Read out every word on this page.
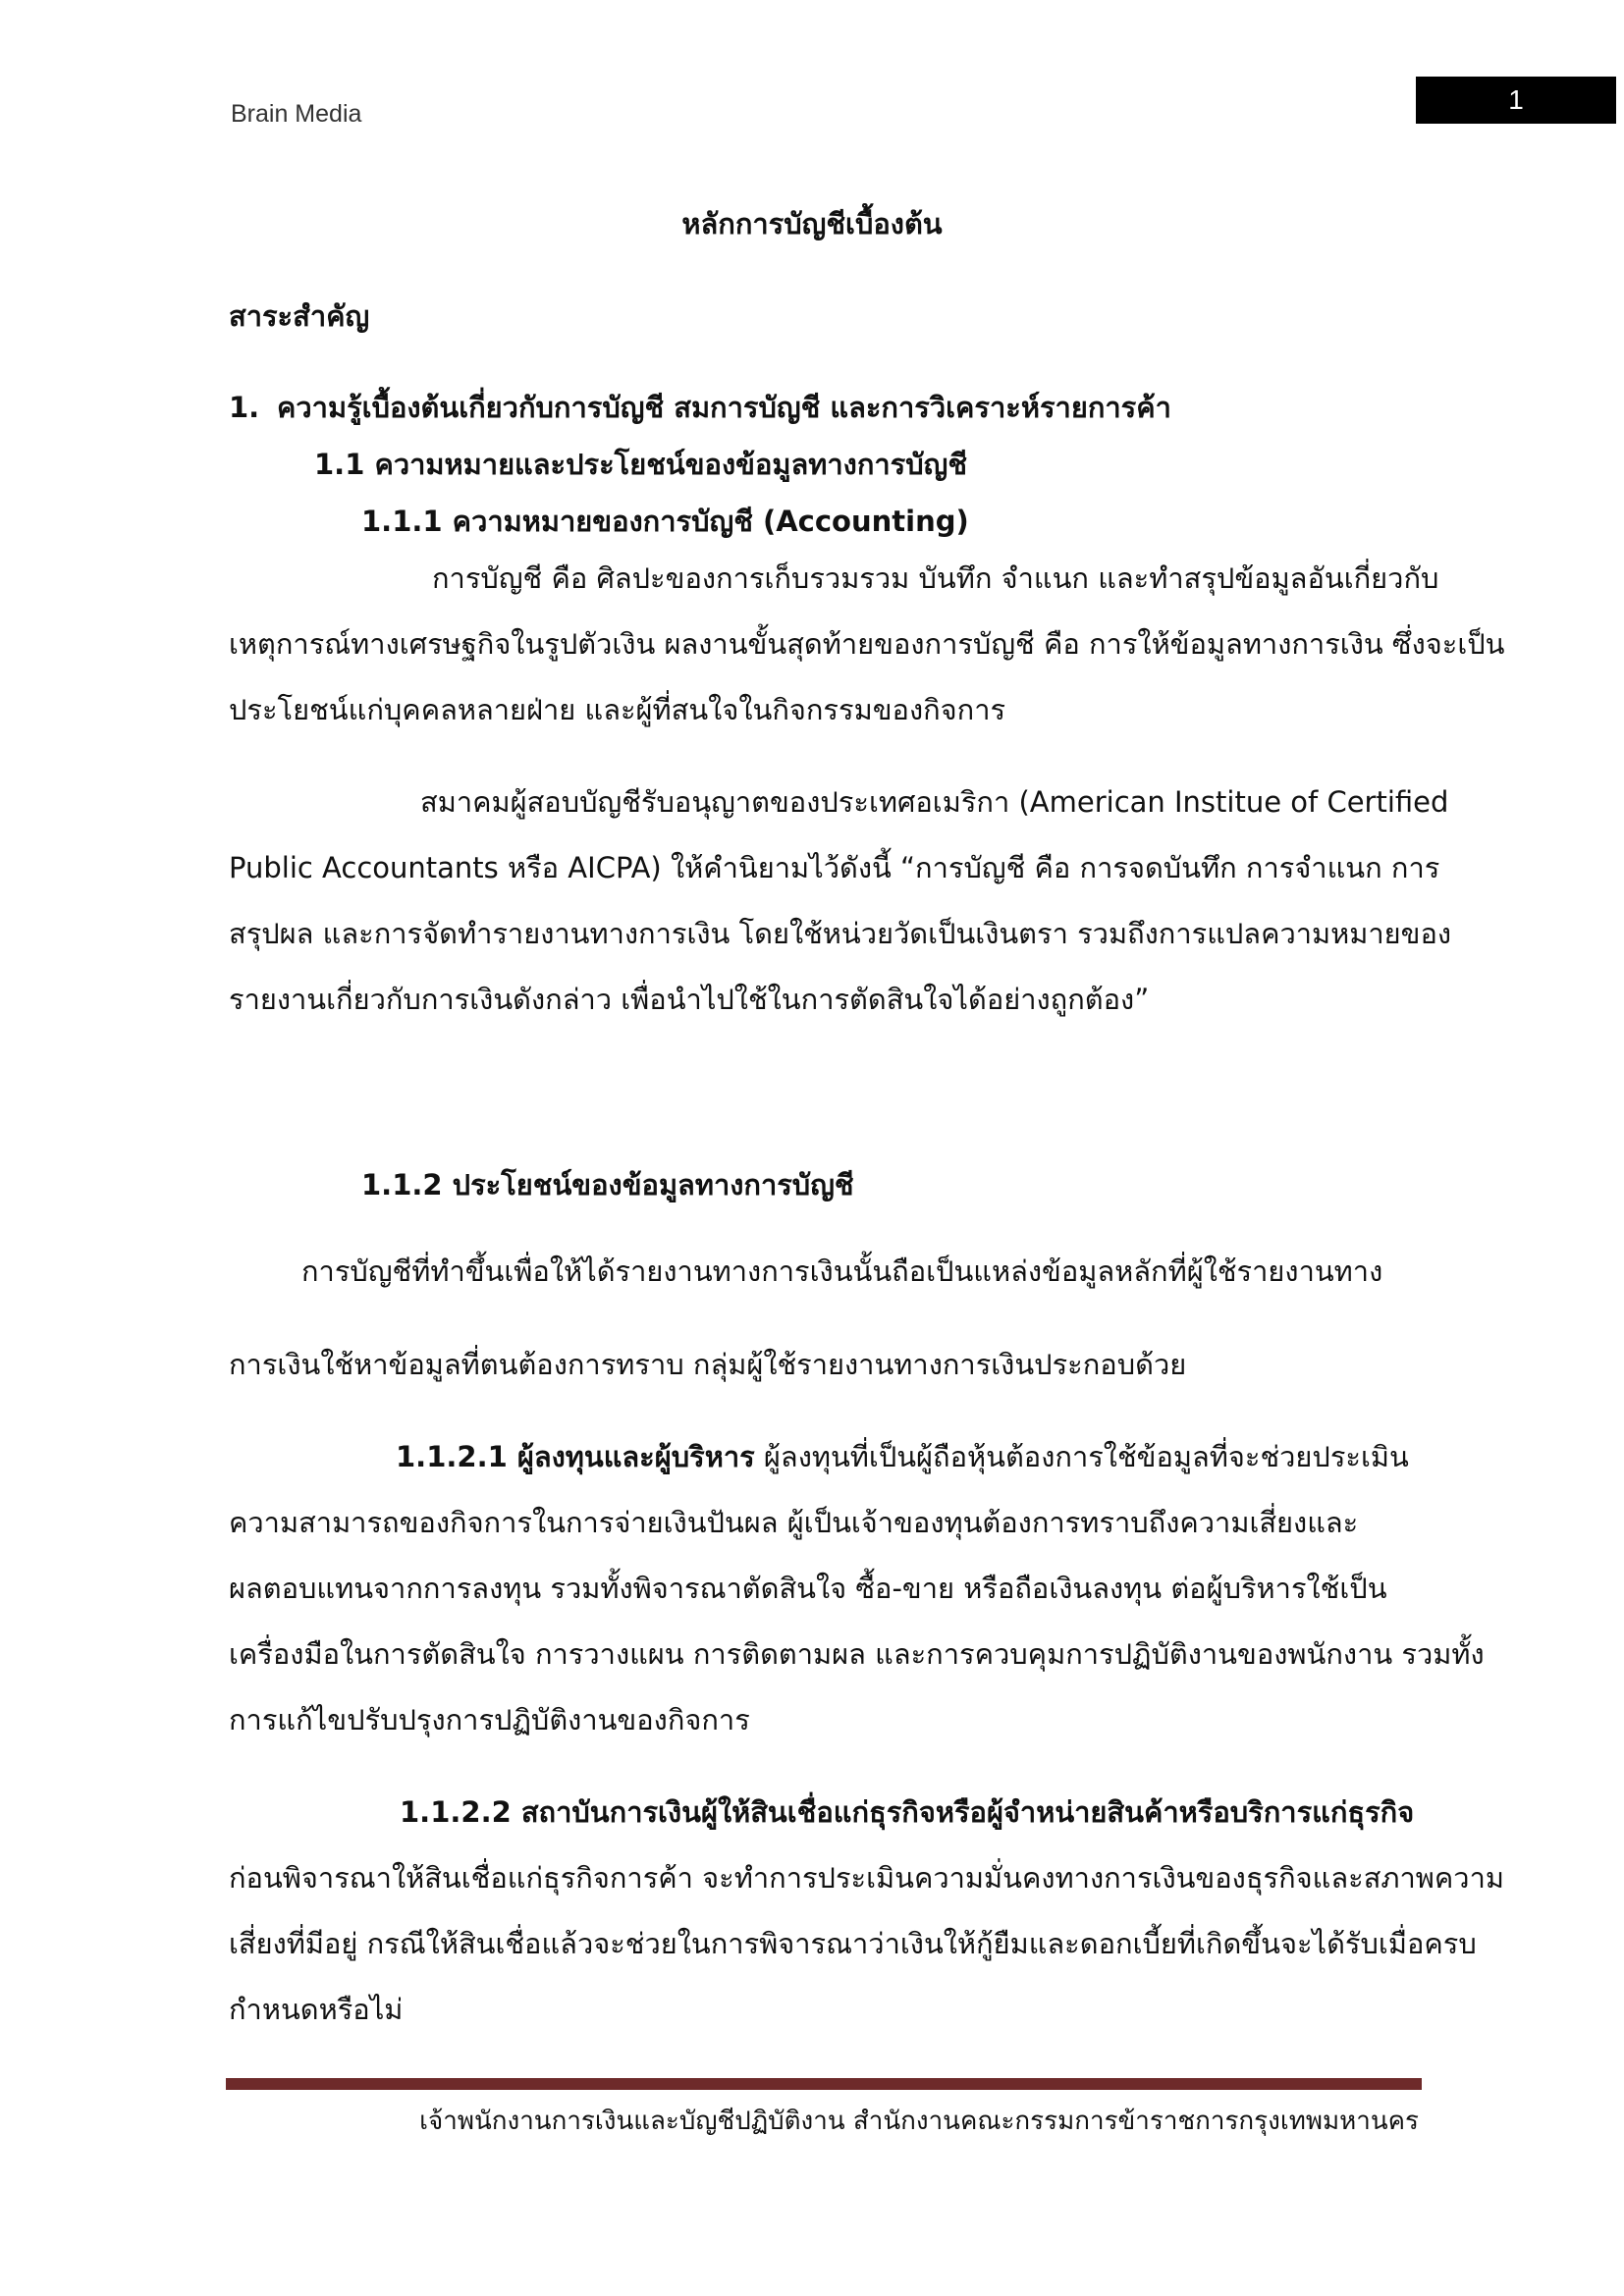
Brain Media	1
หลักการบัญชีเบื้องต้น
สาระสำคัญ
1. ความรู้เบื้องต้นเกี่ยวกับการบัญชี สมการบัญชี และการวิเคราะห์รายการค้า
1.1 ความหมายและประโยชน์ของข้อมูลทางการบัญชี
1.1.1 ความหมายของการบัญชี (Accounting)
การบัญชี คือ ศิลปะของการเก็บรวมรวม บันทึก จำแนก และทำสรุปข้อมูลอันเกี่ยวกับ
เหตุการณ์ทางเศรษฐกิจในรูปตัวเงิน ผลงานขั้นสุดท้ายของการบัญชี คือ การให้ข้อมูลทางการเงิน ซึ่งจะเป็น
ประโยชน์แก่บุคคลหลายฝ่าย และผู้ที่สนใจในกิจกรรมของกิจการ
สมาคมผู้สอบบัญชีรับอนุญาตของประเทศอเมริกา (American Institue of Certified
Public Accountants หรือ AICPA) ให้คำนิยามไว้ดังนี้ “การบัญชี คือ การจดบันทึก การจำแนก การ
สรุปผล และการจัดทำรายงานทางการเงิน โดยใช้หน่วยวัดเป็นเงินตรา รวมถึงการแปลความหมายของ
รายงานเกี่ยวกับการเงินดังกล่าว เพื่อนำไปใช้ในการตัดสินใจได้อย่างถูกต้อง”
1.1.2 ประโยชน์ของข้อมูลทางการบัญชี
การบัญชีที่ทำขึ้นเพื่อให้ได้รายงานทางการเงินนั้นถือเป็นแหล่งข้อมูลหลักที่ผู้ใช้รายงานทาง
การเงินใช้หาข้อมูลที่ตนต้องการทราบ กลุ่มผู้ใช้รายงานทางการเงินประกอบด้วย
1.1.2.1 ผู้ลงทุนและผู้บริหาร ผู้ลงทุนที่เป็นผู้ถือหุ้นต้องการใช้ข้อมูลที่จะช่วยประเมิน
ความสามารถของกิจการในการจ่ายเงินปันผล ผู้เป็นเจ้าของทุนต้องการทราบถึงความเสี่ยงและ
ผลตอบแทนจากการลงทุน รวมทั้งพิจารณาตัดสินใจ ซื้อ-ขาย หรือถือเงินลงทุน ต่อผู้บริหารใช้เป็น
เครื่องมือในการตัดสินใจ การวางแผน การติดตามผล และการควบคุมการปฏิบัติงานของพนักงาน รวมทั้ง
การแก้ไขปรับปรุงการปฏิบัติงานของกิจการ
1.1.2.2 สถาบันการเงินผู้ให้สินเชื่อแก่ธุรกิจหรือผู้จำหน่ายสินค้าหรือบริการแก่ธุรกิจ
ก่อนพิจารณาให้สินเชื่อแก่ธุรกิจการค้า จะทำการประเมินความมั่นคงทางการเงินของธุรกิจและสภาพความ
เสี่ยงที่มีอยู่ กรณีให้สินเชื่อแล้วจะช่วยในการพิจารณาว่าเงินให้กู้ยืมและดอกเบี้ยที่เกิดขึ้นจะได้รับเมื่อครบ
กำหนดหรือไม่
เจ้าพนักงานการเงินและบัญชีปฏิบัติงาน สำนักงานคณะกรรมการข้าราชการกรุงเทพมหานคร
